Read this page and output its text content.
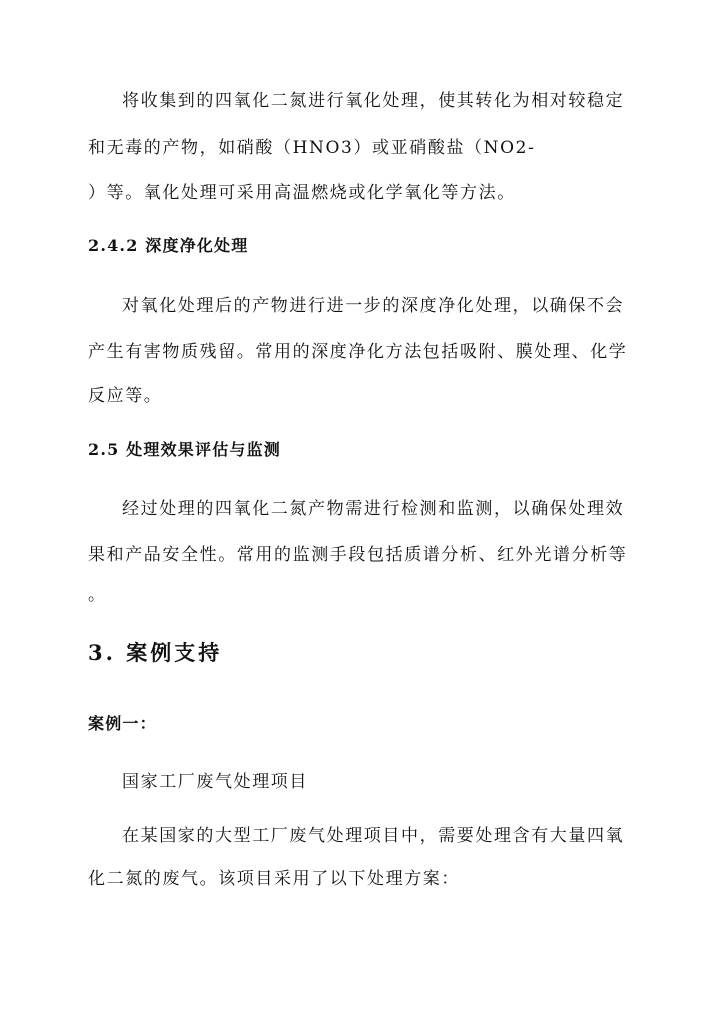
将收集到的四氧化二氮进行氧化处理，使其转化为相对较稳定

和无毒的产物，如硝酸（HNO3）或亚硝酸盐（NO2-

）等。氧化处理可采用高温燃烧或化学氧化等方法。

2.4.2 深度净化处理

对氧化处理后的产物进行进一步的深度净化处理，以确保不会

产生有害物质残留。常用的深度净化方法包括吸附、膜处理、化学

反应等。

2.5 处理效果评估与监测

经过处理的四氧化二氮产物需进行检测和监测，以确保处理效

果和产品安全性。常用的监测手段包括质谱分析、红外光谱分析等

。

3. 案例支持
案例一：

国家工厂废气处理项目

在某国家的大型工厂废气处理项目中，需要处理含有大量四氧

化二氮的废气。该项目采用了以下处理方案：
